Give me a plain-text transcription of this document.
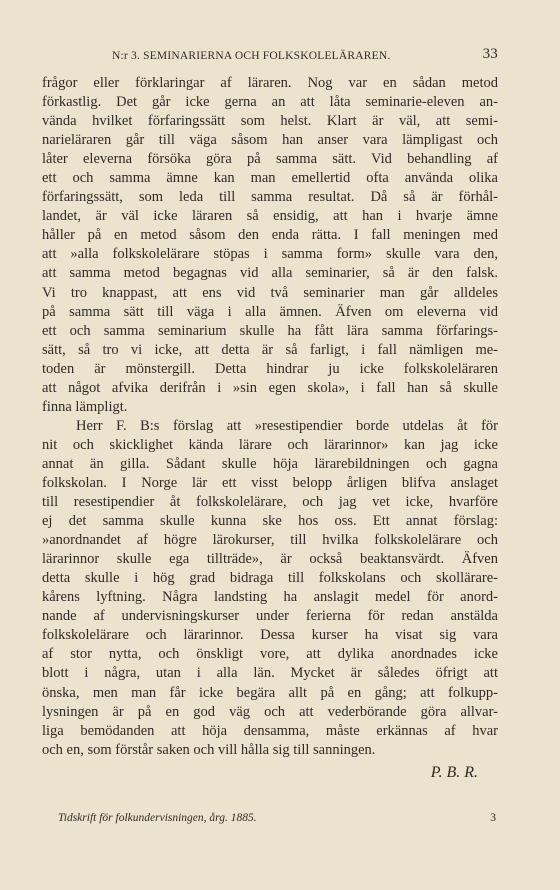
N:r 3. SEMINARIERNA OCH FOLKSKOLELÄRAREN.	33
frågor eller förklaringar af läraren. Nog var en sådan metod
förkastlig. Det går icke gerna an att låta seminarie-eleven an-
vända hvilket förfaringssätt som helst. Klart är väl, att semi-
narieläraren går till väga såsom han anser vara lämpligast och
låter eleverna försöka göra på samma sätt. Vid behandling af
ett och samma ämne kan man emellertid ofta använda olika
förfaringssätt, som leda till samma resultat. Då så är förhål-
landet, är väl icke läraren så ensidig, att han i hvarje ämne
håller på en metod såsom den enda rätta. I fall meningen med
att »alla folkskolelärare stöpas i samma form» skulle vara den,
att samma metod begagnas vid alla seminarier, så är den falsk.
Vi tro knappast, att ens vid två seminarier man går alldeles
på samma sätt till väga i alla ämnen. Äfven om eleverna vid
ett och samma seminarium skulle ha fått lära samma förfarings-
sätt, så tro vi icke, att detta är så farligt, i fall nämligen me-
toden är mönstergill. Detta hindrar ju icke folkskoleläraren
att något afvika derifrån i »sin egen skola», i fall han så skulle
finna lämpligt.
Herr F. B:s förslag att »resestipendier borde utdelas åt för
nit och skicklighet kända lärare och lärarinnor» kan jag icke
annat än gilla. Sådant skulle höja lärarebildningen och gagna
folkskolan. I Norge lär ett visst belopp årligen blifva anslaget
till resestipendier åt folkskolelärare, och jag vet icke, hvarföre
ej det samma skulle kunna ske hos oss. Ett annat förslag:
»anordnandet af högre lärokurser, till hvilka folkskolelärare och
lärarinnor skulle ega tillträde», är också beaktansvärdt. Äfven
detta skulle i hög grad bidraga till folkskolans och skollärare-
kårens lyftning. Några landsting ha anslagit medel för anord-
nande af undervisningskurser under ferierna för redan anstälda
folkskolelärare och lärarinnor. Dessa kurser ha visat sig vara
af stor nytta, och önskligt vore, att dylika anordnades icke
blott i några, utan i alla län. Mycket är således öfrigt att
önska, men man får icke begära allt på en gång; att folkupp-
lysningen är på en god väg och att vederbörande göra allvar-
liga bemödanden att höja densamma, måste erkännas af hvar
och en, som förstår saken och vill hålla sig till sanningen.
P. B. R.
Tidskrift för folkundervisningen, årg. 1885.	3
